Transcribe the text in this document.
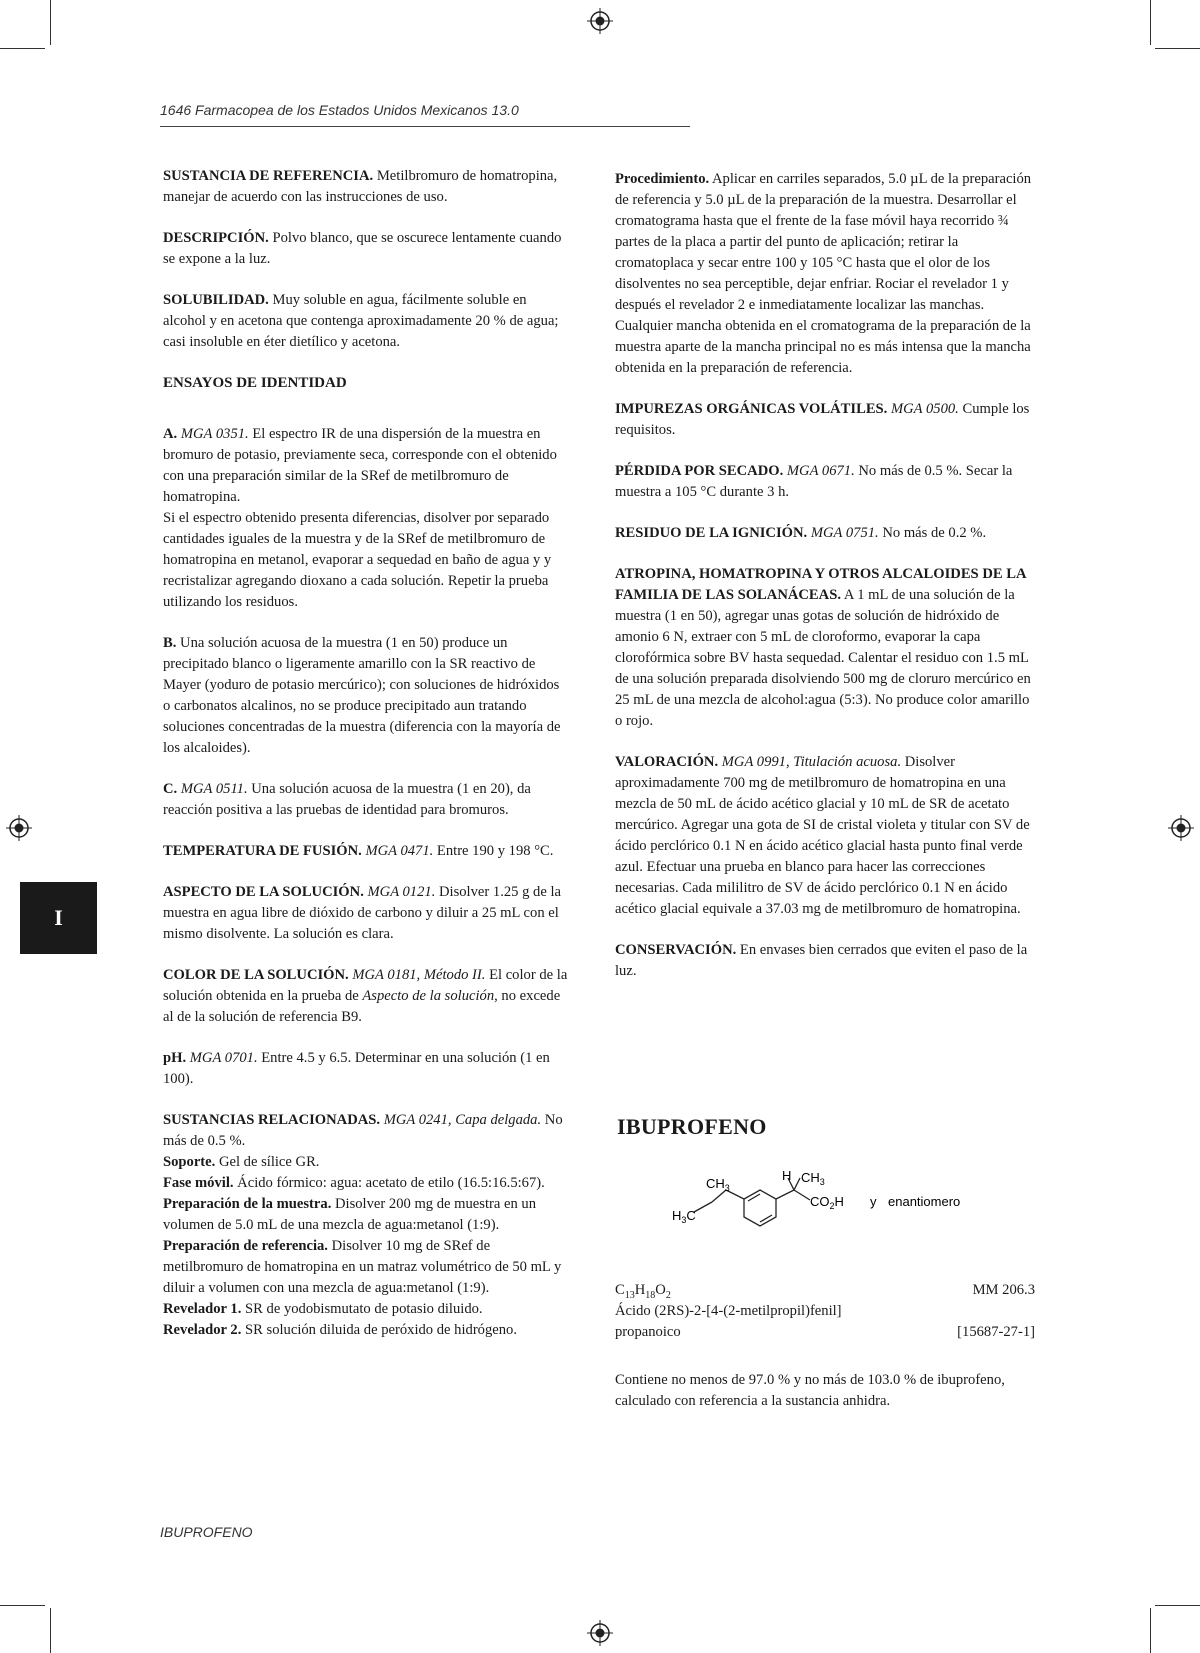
1646 Farmacopea de los Estados Unidos Mexicanos 13.0
I

SUSTANCIA DE REFERENCIA. Metilbromuro de homatropina, manejar de acuerdo con las instrucciones de uso.

DESCRIPCIÓN. Polvo blanco, que se oscurece lentamente cuando se expone a la luz.

SOLUBILIDAD. Muy soluble en agua, fácilmente soluble en alcohol y en acetona que contenga aproximadamente 20 % de agua; casi insoluble en éter dietílico y acetona.

ENSAYOS DE IDENTIDAD

A. MGA 0351. El espectro IR de una dispersión de la muestra en bromuro de potasio, previamente seca, corresponde con el obtenido con una preparación similar de la SRef de metilbromuro de homatropina.

Si el espectro obtenido presenta diferencias, disolver por separado cantidades iguales de la muestra y de la SRef de metilbromuro de homatropina en metanol, evaporar a sequedad en baño de agua y y recristalizar agregando dioxano a cada solución. Repetir la prueba utilizando los residuos.

B. Una solución acuosa de la muestra (1 en 50) produce un precipitado blanco o ligeramente amarillo con la SR reactivo de Mayer (yoduro de potasio mercúrico); con soluciones de hidróxidos o carbonatos alcalinos, no se produce precipitado aun tratando soluciones concentradas de la muestra (diferencia con la mayoría de los alcaloides).

C. MGA 0511. Una solución acuosa de la muestra (1 en 20), da reacción positiva a las pruebas de identidad para bromuros.

TEMPERATURA DE FUSIÓN. MGA 0471. Entre 190 y 198 °C.

ASPECTO DE LA SOLUCIÓN. MGA 0121. Disolver 1.25 g de la muestra en agua libre de dióxido de carbono y diluir a 25 mL con el mismo disolvente. La solución es clara.

COLOR DE LA SOLUCIÓN. MGA 0181, Método II. El color de la solución obtenida en la prueba de Aspecto de la solución, no excede al de la solución de referencia B9.

pH. MGA 0701. Entre 4.5 y 6.5. Determinar en una solución (1 en 100).

SUSTANCIAS RELACIONADAS. MGA 0241, Capa delgada. No más de 0.5 %.
Soporte. Gel de sílice GR.
Fase móvil. Ácido fórmico: agua: acetato de etilo (16.5:16.5:67).
Preparación de la muestra. Disolver 200 mg de muestra en un volumen de 5.0 mL de una mezcla de agua:metanol (1:9).
Preparación de referencia. Disolver 10 mg de SRef de metilbromuro de homatropina en un matraz volumétrico de 50 mL y diluir a volumen con una mezcla de agua:metanol (1:9).
Revelador 1. SR de yodobismutato de potasio diluido.
Revelador 2. SR solución diluida de peróxido de hidrógeno.

Procedimiento. Aplicar en carriles separados, 5.0 µL de la preparación de referencia y 5.0 µL de la preparación de la muestra. Desarrollar el cromatograma hasta que el frente de la fase móvil haya recorrido ¾ partes de la placa a partir del punto de aplicación; retirar la cromatoplaca y secar entre 100 y 105 °C hasta que el olor de los disolventes no sea perceptible, dejar enfriar. Rociar el revelador 1 y después el revelador 2 e inmediatamente localizar las manchas. Cualquier mancha obtenida en el cromatograma de la preparación de la muestra aparte de la mancha principal no es más intensa que la mancha obtenida en la preparación de referencia.

IMPUREZAS ORGÁNICAS VOLÁTILES. MGA 0500. Cumple los requisitos.

PÉRDIDA POR SECADO. MGA 0671. No más de 0.5 %. Secar la muestra a 105 °C durante 3 h.

RESIDUO DE LA IGNICIÓN. MGA 0751. No más de 0.2 %.

ATROPINA, HOMATROPINA Y OTROS ALCALOIDES DE LA FAMILIA DE LAS SOLANÁCEAS. A 1 mL de una solución de la muestra (1 en 50), agregar unas gotas de solución de hidróxido de amonio 6 N, extraer con 5 mL de cloroformo, evaporar la capa clorofórmica sobre BV hasta sequedad. Calentar el residuo con 1.5 mL de una solución preparada disolviendo 500 mg de cloruro mercúrico en 25 mL de una mezcla de alcohol:agua (5:3). No produce color amarillo o rojo.

VALORACIÓN. MGA 0991, Titulación acuosa. Disolver aproximadamente 700 mg de metilbromuro de homatropina en una mezcla de 50 mL de ácido acético glacial y 10 mL de SR de acetato mercúrico. Agregar una gota de SI de cristal violeta y titular con SV de ácido perclórico 0.1 N en ácido acético glacial hasta punto final verde azul. Efectuar una prueba en blanco para hacer las correcciones necesarias. Cada mililitro de SV de ácido perclórico 0.1 N en ácido acético glacial equivale a 37.03 mg de metilbromuro de homatropina.

CONSERVACIÓN. En envases bien cerrados que eviten el paso de la luz.

IBUPROFENO
H $CH_3$
$CH_3$
$H_3C$
$CO_2H$ y enantiomero
$C_{13}H_{18}O_2$	MM 206.3
Ácido (2RS)-2-[4-(2-metilpropil)fenil]
propanoico	[15687-27-1]
Contiene no menos de 97.0 % y no más de 103.0 % de ibuprofeno, calculado con referencia a la sustancia anhidra.
IBUPROFENO
